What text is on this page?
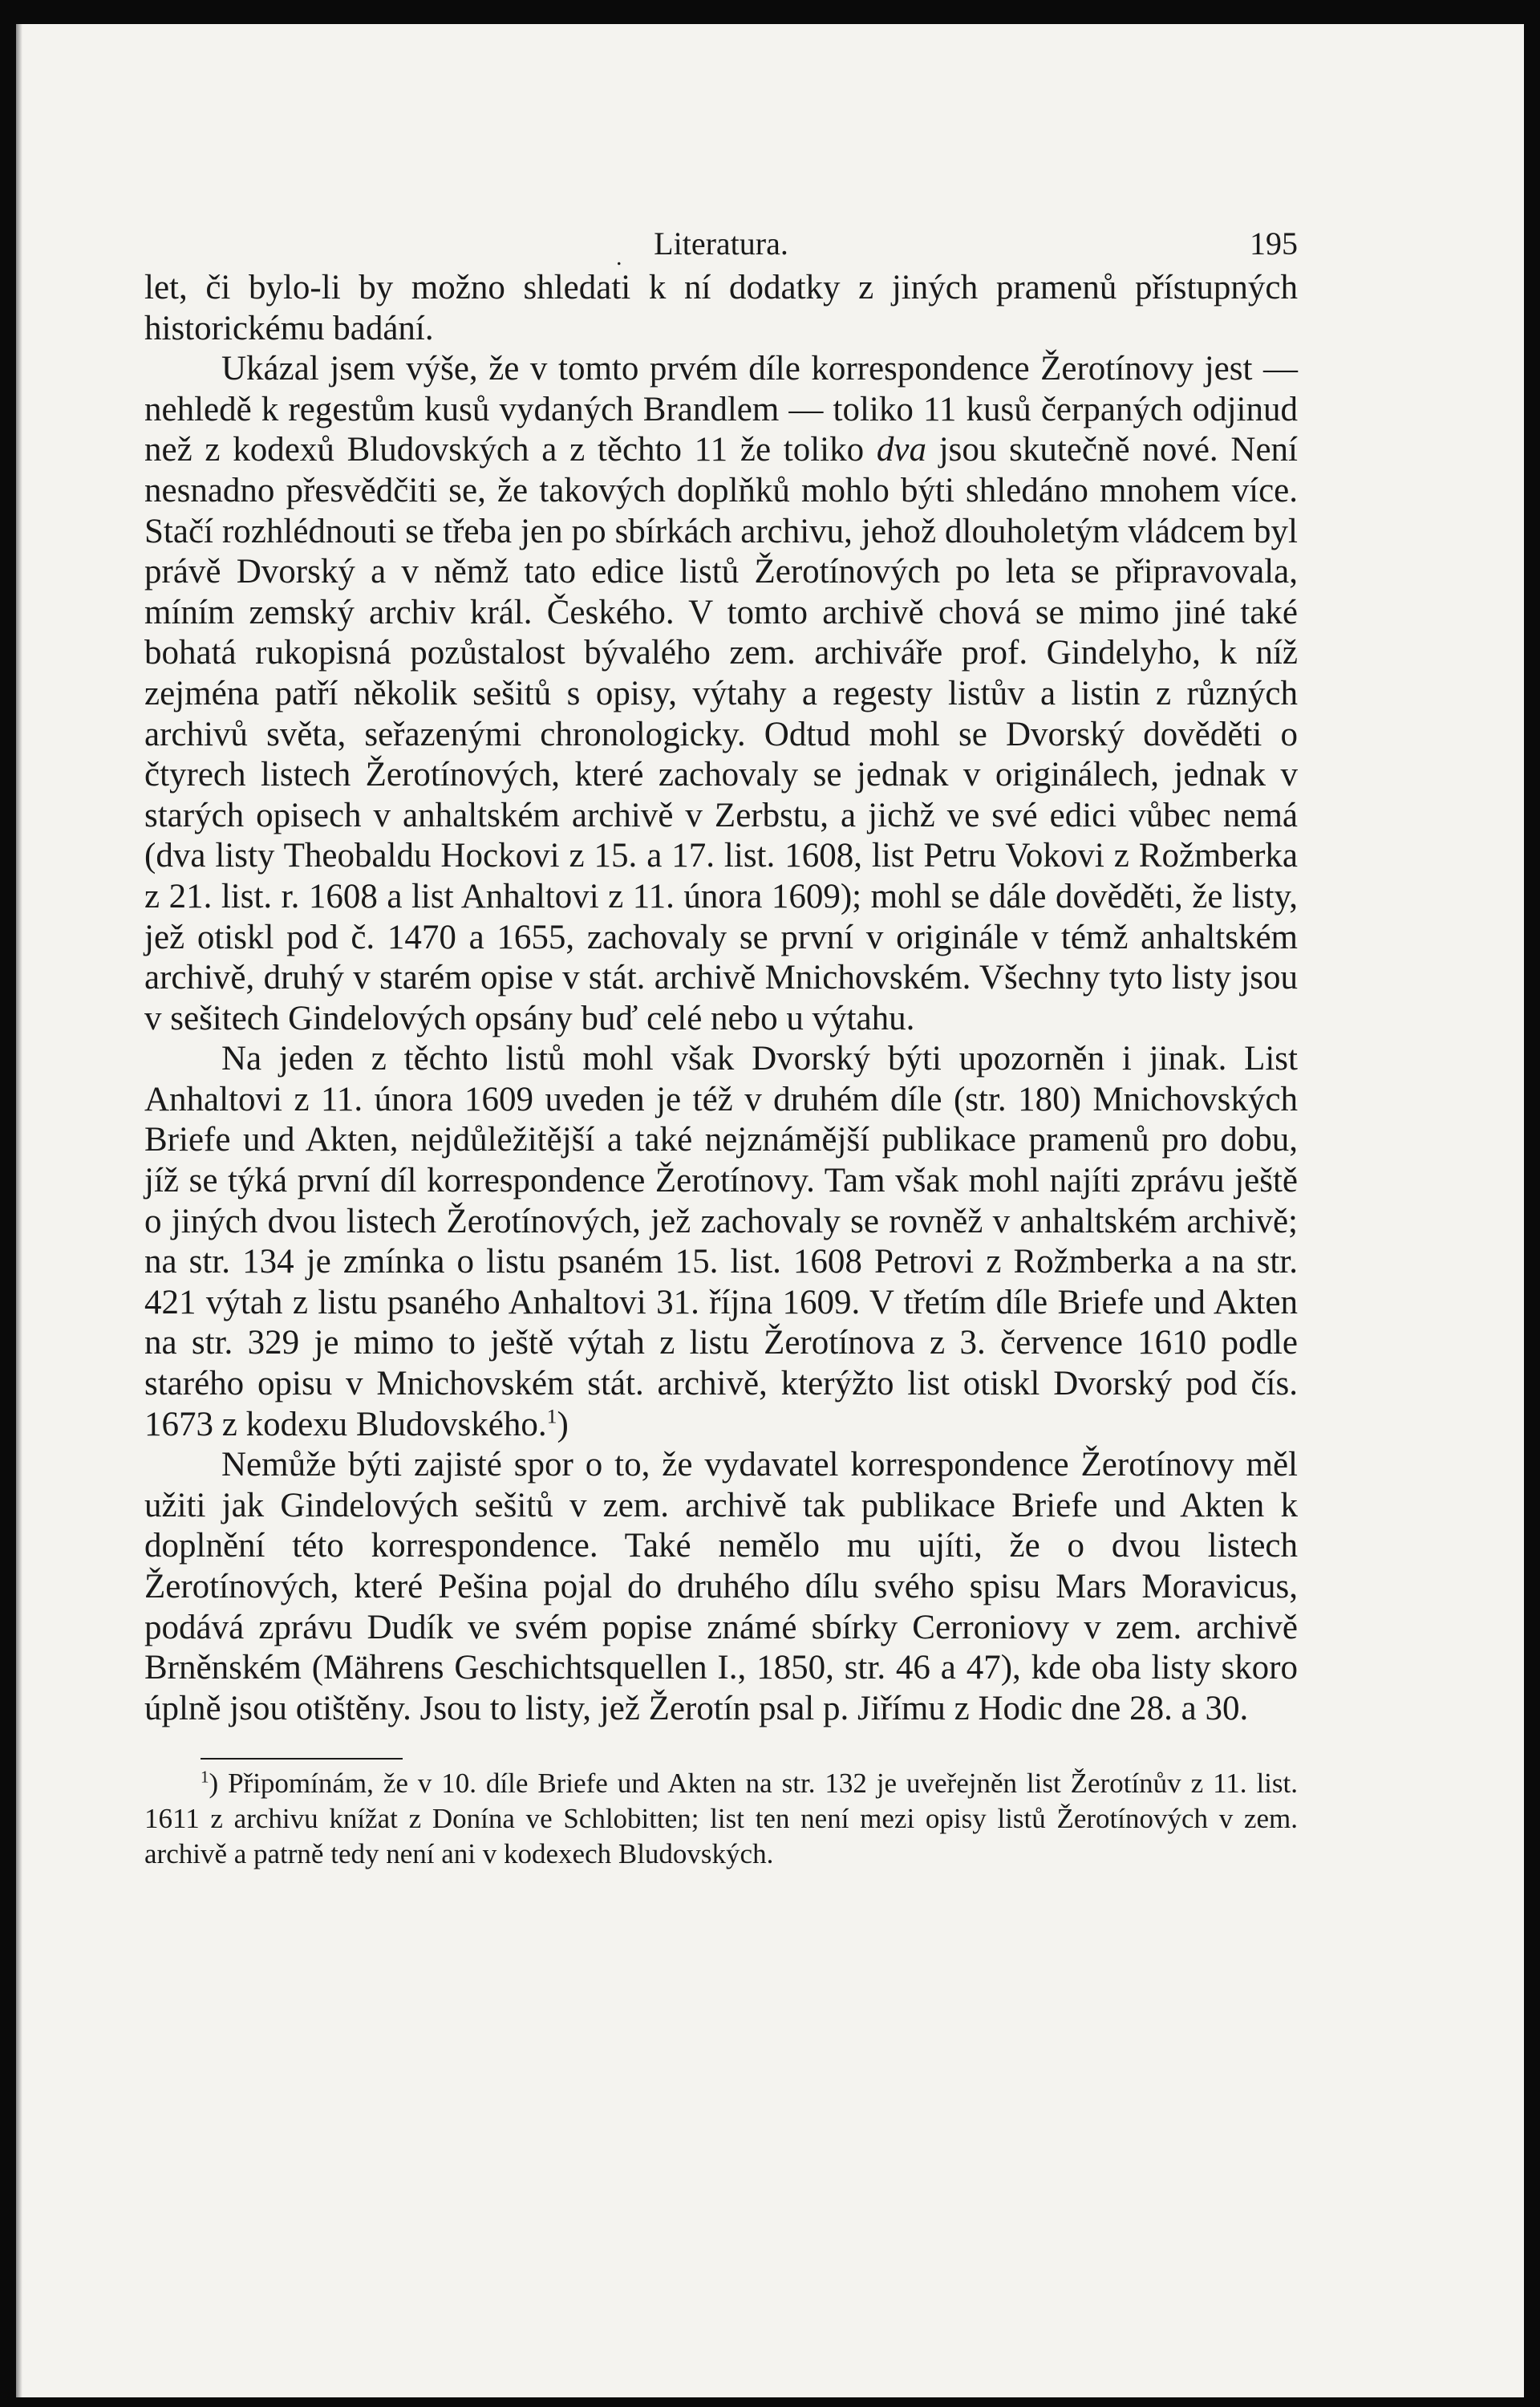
. Literatura.	195

let, či bylo-li by možno shledati k ní dodatky z jiných pramenů přístupných historickému badání.

Ukázal jsem výše, že v tomto prvém díle korrespondence Žerotínovy jest — nehledě k regestům kusů vydaných Brandlem — toliko 11 kusů čerpaných odjinud než z kodexů Bludovských a z těchto 11 že toliko dva jsou skutečně nové. Není nesnadno přesvědčiti se, že takových doplňků mohlo býti shledáno mnohem více. Stačí rozhlédnouti se třeba jen po sbírkách archivu, jehož dlouholetým vládcem byl právě Dvorský a v němž tato edice listů Žerotínových po leta se připravovala, míním zemský archiv král. Českého. V tomto archivě chová se mimo jiné také bohatá rukopisná pozůstalost bývalého zem. archiváře prof. Gindelyho, k níž zejména patří několik sešitů s opisy, výtahy a regesty listův a listin z různých archivů světa, seřazenými chronologicky. Odtud mohl se Dvorský dověděti o čtyrech listech Žerotínových, které zachovaly se jednak v originálech, jednak v starých opisech v anhaltském archivě v Zerbstu, a jichž ve své edici vůbec nemá (dva listy Theobaldu Hockovi z 15. a 17. list. 1608, list Petru Vokovi z Rožmberka z 21. list. r. 1608 a list Anhaltovi z 11. února 1609); mohl se dále dověděti, že listy, jež otiskl pod č. 1470 a 1655, zachovaly se první v originále v témž anhaltském archivě, druhý v starém opise v stát. archivě Mnichovském. Všechny tyto listy jsou v sešitech Gindelových opsány buď celé nebo u výtahu.

Na jeden z těchto listů mohl však Dvorský býti upozorněn i jinak. List Anhaltovi z 11. února 1609 uveden je též v druhém díle (str. 180) Mnichovských Briefe und Akten, nejdůležitější a také nejznámější publikace pramenů pro dobu, jíž se týká první díl korrespondence Žerotínovy. Tam však mohl najíti zprávu ještě o jiných dvou listech Žerotínových, jež zachovaly se rovněž v anhaltském archivě; na str. 134 je zmínka o listu psaném 15. list. 1608 Petrovi z Rožmberka a na str. 421 výtah z listu psaného Anhaltovi 31. října 1609. V třetím díle Briefe und Akten na str. 329 je mimo to ještě výtah z listu Žerotínova z 3. července 1610 podle starého opisu v Mnichovském stát. archivě, kterýžto list otiskl Dvorský pod čís. 1673 z kodexu Bludovského.$^1$)

Nemůže býti zajisté spor o to, že vydavatel korrespondence Žerotínovy měl užiti jak Gindelových sešitů v zem. archivě tak publikace Briefe und Akten k doplnění této korrespondence. Také nemělo mu ujíti, že o dvou listech Žerotínových, které Pešina pojal do druhého dílu svého spisu Mars Moravicus, podává zprávu Dudík ve svém popise známé sbírky Cerroniovy v zem. archivě Brněnském (Mährens Geschichtsquellen I., 1850, str. 46 a 47), kde oba listy skoro úplně jsou otištěny. Jsou to listy, jež Žerotín psal p. Jiřímu z Hodic dne 28. a 30.

$^1$) Připomínám, že v 10. díle Briefe und Akten na str. 132 je uveřejněn list Žerotínův z 11. list. 1611 z archivu knížat z Donína ve Schlobitten; list ten není mezi opisy listů Žerotínových v zem. archivě a patrně tedy není ani v kodexech Bludovských.
